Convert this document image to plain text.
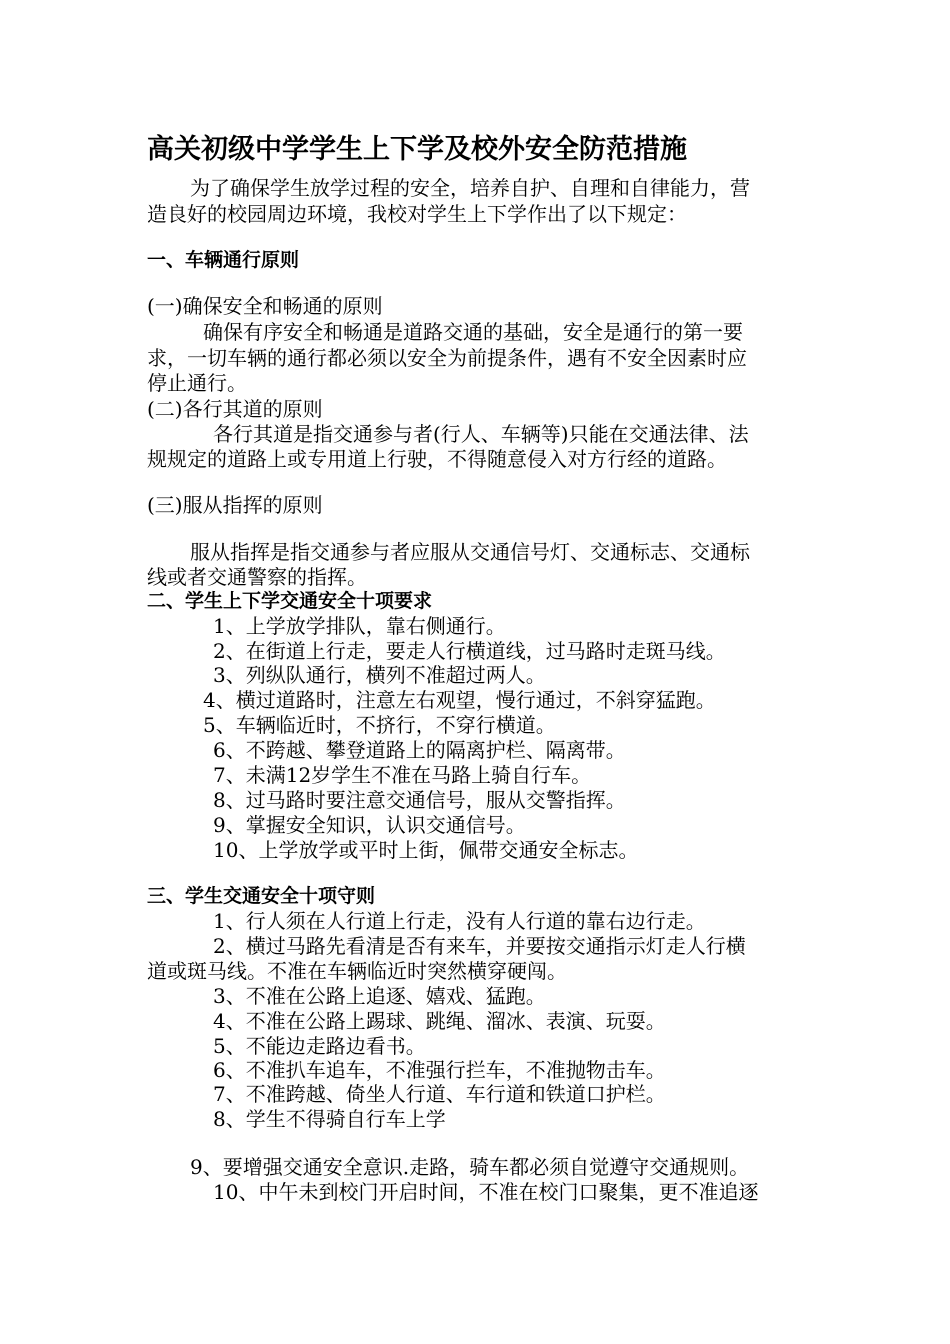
高关初级中学学生上下学及校外安全防范措施
为了确保学生放学过程的安全，培养自护、自理和自律能力，营
造良好的校园周边环境，我校对学生上下学作出了以下规定：
一、车辆通行原则
(一)确保安全和畅通的原则
确保有序安全和畅通是道路交通的基础，安全是通行的第一要
求，一切车辆的通行都必须以安全为前提条件，遇有不安全因素时应
停止通行。
(二)各行其道的原则
各行其道是指交通参与者(行人、车辆等)只能在交通法律、法
规规定的道路上或专用道上行驶，不得随意侵入对方行经的道路。
(三)服从指挥的原则
服从指挥是指交通参与者应服从交通信号灯、交通标志、交通标
线或者交通警察的指挥。
二、学生上下学交通安全十项要求
1、上学放学排队，靠右侧通行。
2、在街道上行走，要走人行横道线，过马路时走斑马线。
3、列纵队通行，横列不准超过两人。
4、横过道路时，注意左右观望，慢行通过，不斜穿猛跑。
5、车辆临近时，不挤行，不穿行横道。
6、不跨越、攀登道路上的隔离护栏、隔离带。
7、未满12岁学生不准在马路上骑自行车。
8、过马路时要注意交通信号，服从交警指挥。
9、掌握安全知识，认识交通信号。
10、上学放学或平时上街，佩带交通安全标志。
三、学生交通安全十项守则
1、行人须在人行道上行走，没有人行道的靠右边行走。
2、横过马路先看清是否有来车，并要按交通指示灯走人行横
道或斑马线。不准在车辆临近时突然横穿硬闯。
3、不准在公路上追逐、嬉戏、猛跑。
4、不准在公路上踢球、跳绳、溜冰、表演、玩耍。
5、不能边走路边看书。
6、不准扒车追车，不准强行拦车，不准抛物击车。
7、不准跨越、倚坐人行道、车行道和铁道口护栏。
8、学生不得骑自行车上学
9、要增强交通安全意识.走路，骑车都必须自觉遵守交通规则。
10、中午未到校门开启时间，不准在校门口聚集，更不准追逐
